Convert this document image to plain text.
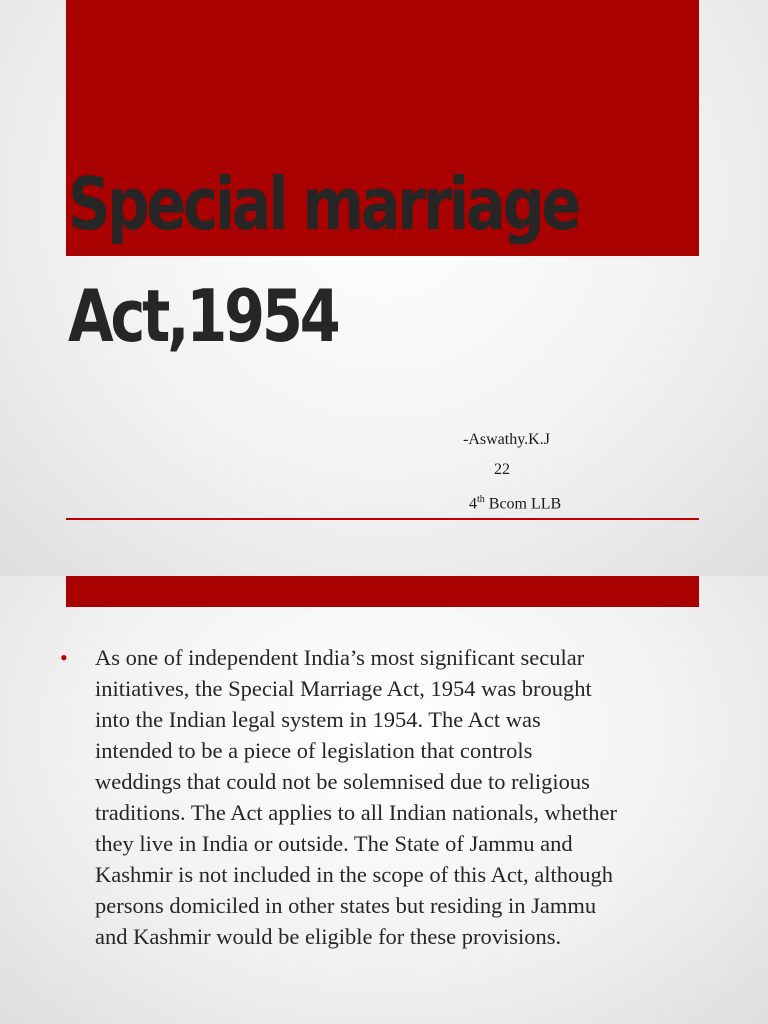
Special marriage
Act,1954
-Aswathy.K.J
22
4th Bcom LLB
• As one of independent India’s most significant secular
initiatives, the Special Marriage Act, 1954 was brought
into the Indian legal system in 1954. The Act was
intended to be a piece of legislation that controls
weddings that could not be solemnised due to religious
traditions. The Act applies to all Indian nationals, whether
they live in India or outside. The State of Jammu and
Kashmir is not included in the scope of this Act, although
persons domiciled in other states but residing in Jammu
and Kashmir would be eligible for these provisions.
